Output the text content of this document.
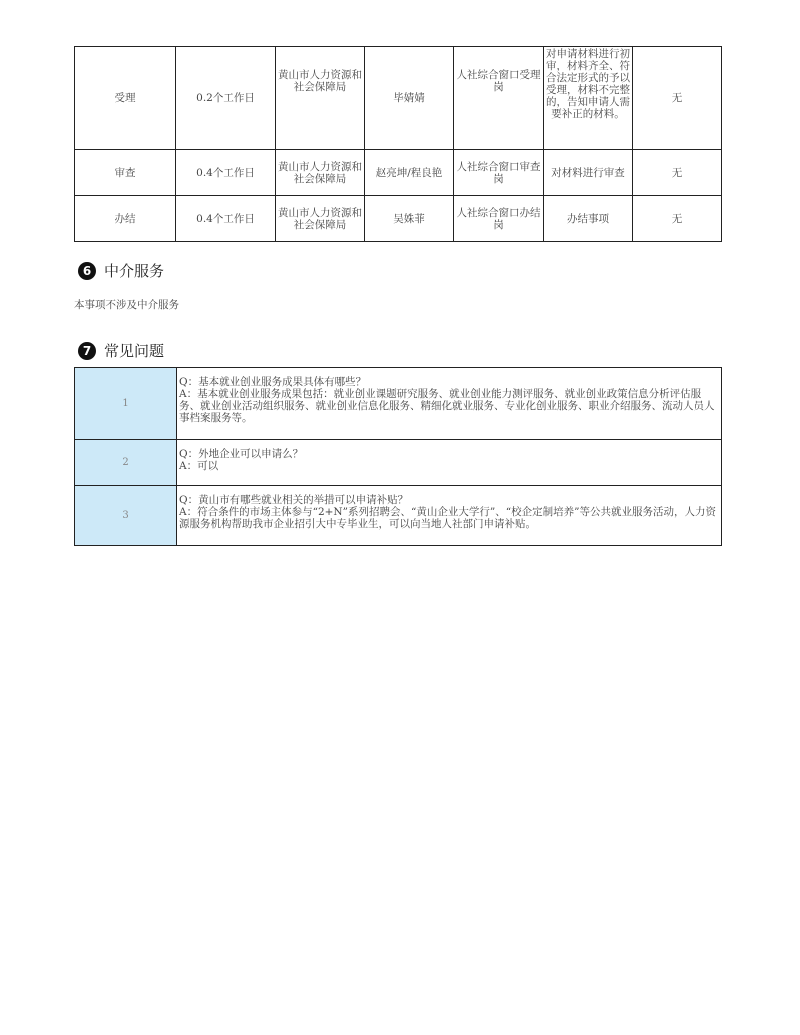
受理	0.2个工作日	黄山市人力资源和社会保障局	毕婧婧	人社综合窗口受理岗	对申请材料进行初审，材料齐全、符合法定形式的予以受理，材料不完整的，告知申请人需要补正的材料。	无
审查	0.4个工作日	黄山市人力资源和社会保障局	赵亮坤/程良艳	人社综合窗口审查岗	对材料进行审查	无
办结	0.4个工作日	黄山市人力资源和社会保障局	吴姝菲	人社综合窗口办结岗	办结事项	无
6 中介服务
本事项不涉及中介服务
7 常见问题
1	Q：基本就业创业服务成果具体有哪些？
A：基本就业创业服务成果包括：就业创业课题研究服务、就业创业能力测评服务、就业创业政策信息分析评估服务、就业创业活动组织服务、就业创业信息化服务、精细化就业服务、专业化创业服务、职业介绍服务、流动人员人事档案服务等。

2	Q：外地企业可以申请么？
A：可以

3	Q：黄山市有哪些就业相关的举措可以申请补贴？
A：符合条件的市场主体参与“2+N”系列招聘会、“黄山企业大学行”、“校企定制培养”等公共就业服务活动，人力资源服务机构帮助我市企业招引大中专毕业生，可以向当地人社部门申请补贴。
